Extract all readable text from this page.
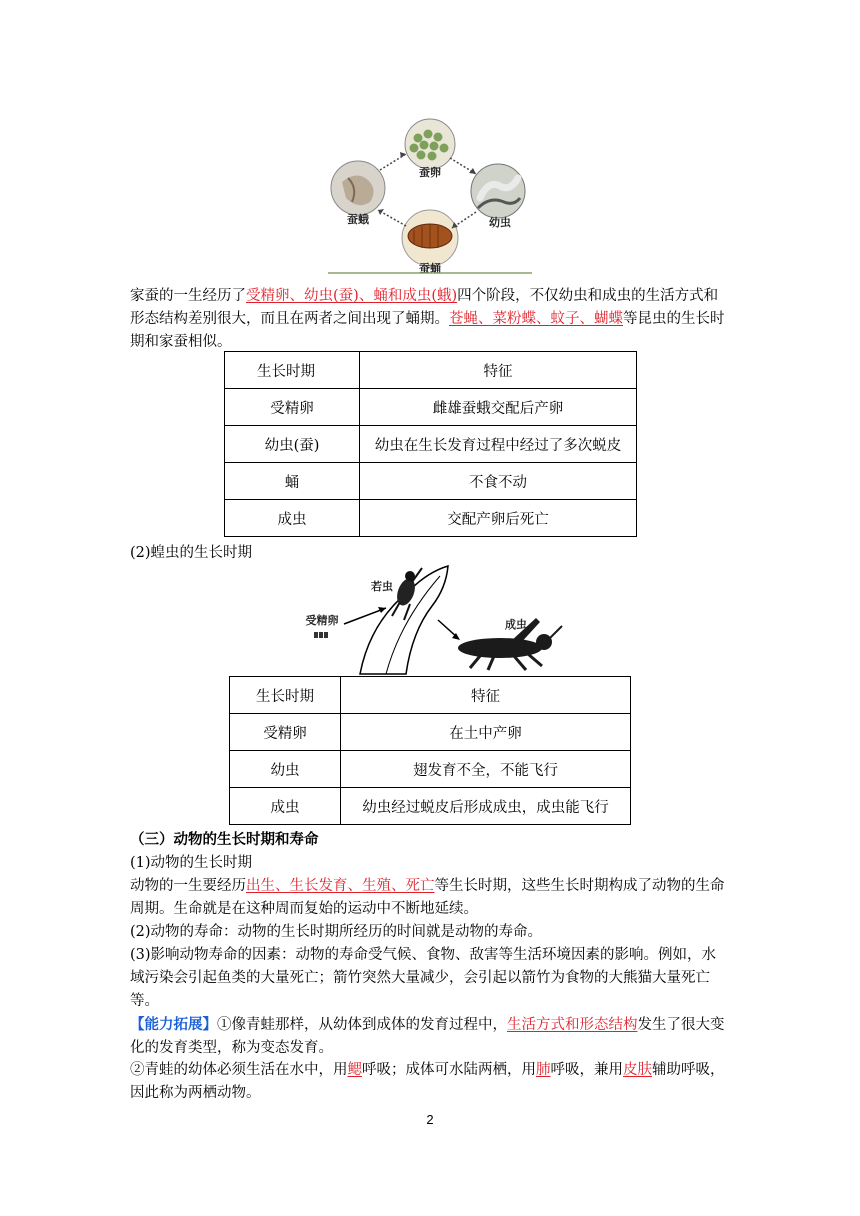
蚕卵
幼虫
蚕蛹
蚕蛾

家蚕的一生经历了受精卵、幼虫(蚕)、蛹和成虫(蛾)四个阶段，不仅幼虫和成虫的生活方式和形态结构差别很大，而且在两者之间出现了蛹期。苍蝇、菜粉蝶、蚊子、蝴蝶等昆虫的生长时期和家蚕相似。

生长时期	特征
受精卵	雌雄蚕蛾交配后产卵
幼虫(蚕)	幼虫在生长发育过程中经过了多次蜕皮
蛹	不食不动
成虫	交配产卵后死亡

(2)蝗虫的生长时期

若虫
受精卵	成虫
生长时期	特征
受精卵	在土中产卵
幼虫	翅发育不全，不能飞行
成虫	幼虫经过蜕皮后形成成虫，成虫能飞行

（三）动物的生长时期和寿命

(1)动物的生长时期

动物的一生要经历出生、生长发育、生殖、死亡等生长时期，这些生长时期构成了动物的生命周期。生命就是在这种周而复始的运动中不断地延续。

(2)动物的寿命：动物的生长时期所经历的时间就是动物的寿命。

(3)影响动物寿命的因素：动物的寿命受气候、食物、敌害等生活环境因素的影响。例如，水域污染会引起鱼类的大量死亡；箭竹突然大量减少，会引起以箭竹为食物的大熊猫大量死亡等。

【能力拓展】①像青蛙那样，从幼体到成体的发育过程中，生活方式和形态结构发生了很大变化的发育类型，称为变态发育。

②青蛙的幼体必须生活在水中，用鳃呼吸；成体可水陆两栖，用肺呼吸，兼用皮肤辅助呼吸，因此称为两栖动物。

2
